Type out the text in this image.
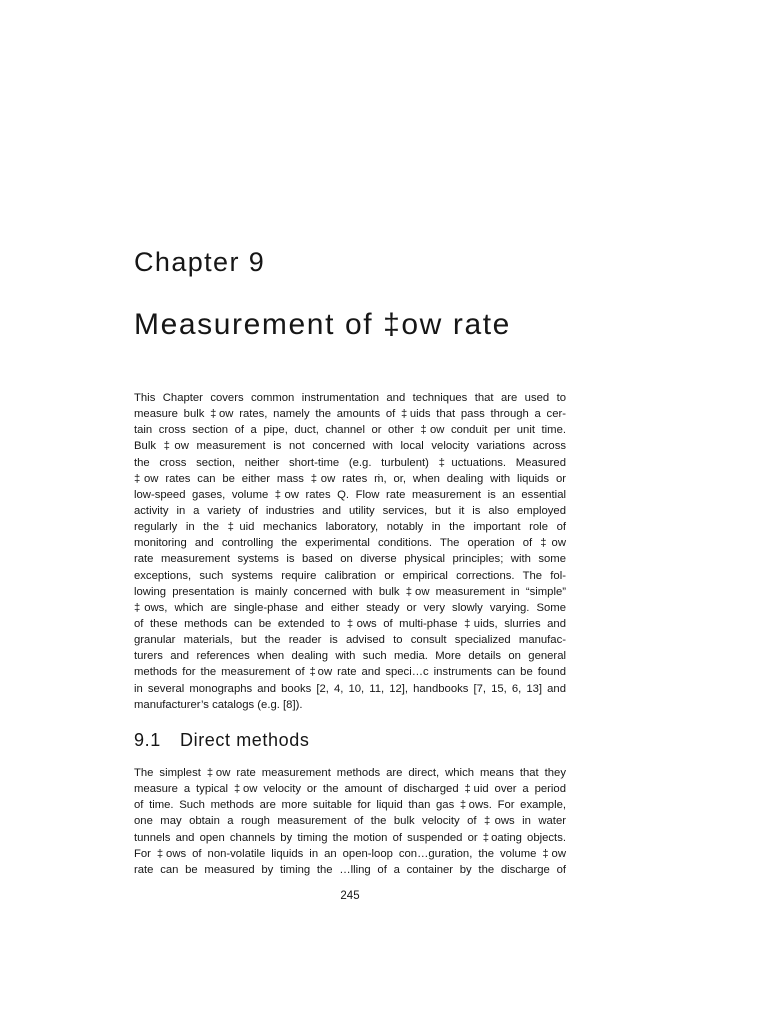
Chapter 9
Measurement of ‡ow rate
This Chapter covers common instrumentation and techniques that are used to
measure bulk ‡ow rates, namely the amounts of ‡uids that pass through a cer-
tain cross section of a pipe, duct, channel or other ‡ow conduit per unit time.
Bulk ‡ow measurement is not concerned with local velocity variations across
the cross section, neither short-time (e.g. turbulent) ‡uctuations. Measured
‡ow rates can be either mass ‡ow rates ṁ, or, when dealing with liquids or
low-speed gases, volume ‡ow rates Q. Flow rate measurement is an essential
activity in a variety of industries and utility services, but it is also employed
regularly in the ‡uid mechanics laboratory, notably in the important role of
monitoring and controlling the experimental conditions. The operation of ‡ow
rate measurement systems is based on diverse physical principles; with some
exceptions, such systems require calibration or empirical corrections. The fol-
lowing presentation is mainly concerned with bulk ‡ow measurement in “simple”
‡ows, which are single-phase and either steady or very slowly varying. Some
of these methods can be extended to ‡ows of multi-phase ‡uids, slurries and
granular materials, but the reader is advised to consult specialized manufac-
turers and references when dealing with such media. More details on general
methods for the measurement of ‡ow rate and speci…c instruments can be found
in several monographs and books [2, 4, 10, 11, 12], handbooks [7, 15, 6, 13] and
manufacturer’s catalogs (e.g. [8]).
9.1 Direct methods
The simplest ‡ow rate measurement methods are direct, which means that they
measure a typical ‡ow velocity or the amount of discharged ‡uid over a period
of time. Such methods are more suitable for liquid than gas ‡ows. For example,
one may obtain a rough measurement of the bulk velocity of ‡ows in water
tunnels and open channels by timing the motion of suspended or ‡oating objects.
For ‡ows of non-volatile liquids in an open-loop con…guration, the volume ‡ow
rate can be measured by timing the …lling of a container by the discharge of
245
